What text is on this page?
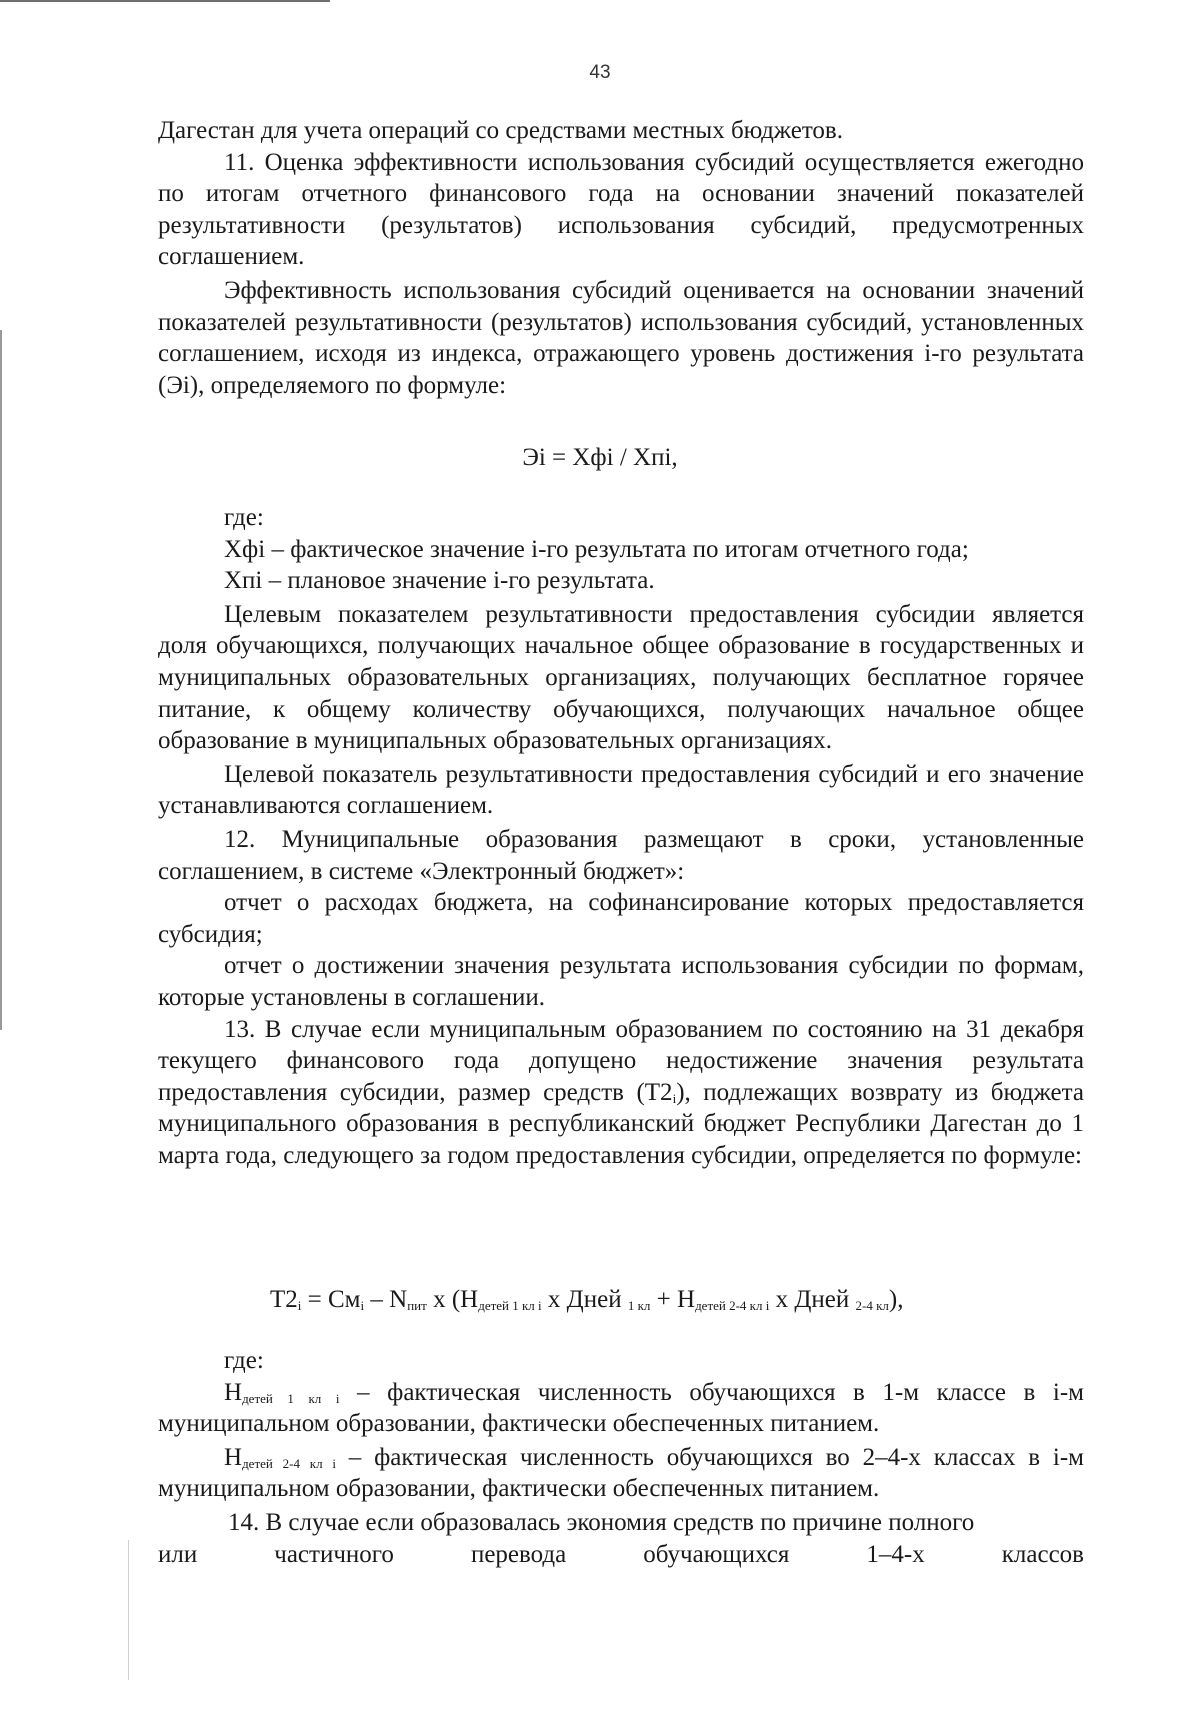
43

Дагестан для учета операций со средствами местных бюджетов.

11. Оценка эффективности использования субсидий осуществляется ежегодно по итогам отчетного финансового года на основании значений показателей результативности (результатов) использования субсидий, предусмотренных соглашением.

Эффективность использования субсидий оценивается на основании значений показателей результативности (результатов) использования субсидий, установленных соглашением, исходя из индекса, отражающего уровень достижения і-го результата (Эі), определяемого по формуле:

Эі = Хфі / Хпі,

где:

Хфі – фактическое значение і-го результата по итогам отчетного года;

Хпі – плановое значение і-го результата.

Целевым показателем результативности предоставления субсидии является доля обучающихся, получающих начальное общее образование в государственных и муниципальных образовательных организациях, получающих бесплатное горячее питание, к общему количеству обучающихся, получающих начальное общее образование в муниципальных образовательных организациях.

Целевой показатель результативности предоставления субсидий и его значение устанавливаются соглашением.

12. Муниципальные образования размещают в сроки, установленные соглашением, в системе «Электронный бюджет»:

отчет о расходах бюджета, на софинансирование которых предоставляется субсидия;

отчет о достижении значения результата использования субсидии по формам, которые установлены в соглашении.

13. В случае если муниципальным образованием по состоянию на 31 декабря текущего финансового года допущено недостижение значения результата предоставления субсидии, размер средств $(Т2_і)$, подлежащих возврату из бюджета муниципального образования в республиканский бюджет Республики Дагестан до 1 марта года, следующего за годом предоставления субсидии, определяется по формуле:

$Т2_і = См_і - N_{пит}$ х ($Н_{детей 1 кл і}$ х Дней $_{1 кл} + Н_{детей 2-4 кл і}$ х Дней $_{2-4 кл}$),

где:

$Н_{детей 1 кл і}$ – фактическая численность обучающихся в 1-м классе в і-м муниципальном образовании, фактически обеспеченных питанием.

$Н_{детей 2-4 кл і}$ – фактическая численность обучающихся во 2–4-х классах в і-м муниципальном образовании, фактически обеспеченных питанием.

14. В случае если образовалась экономия средств по причине полного

или частичного перевода обучающихся 1–4-х классов
